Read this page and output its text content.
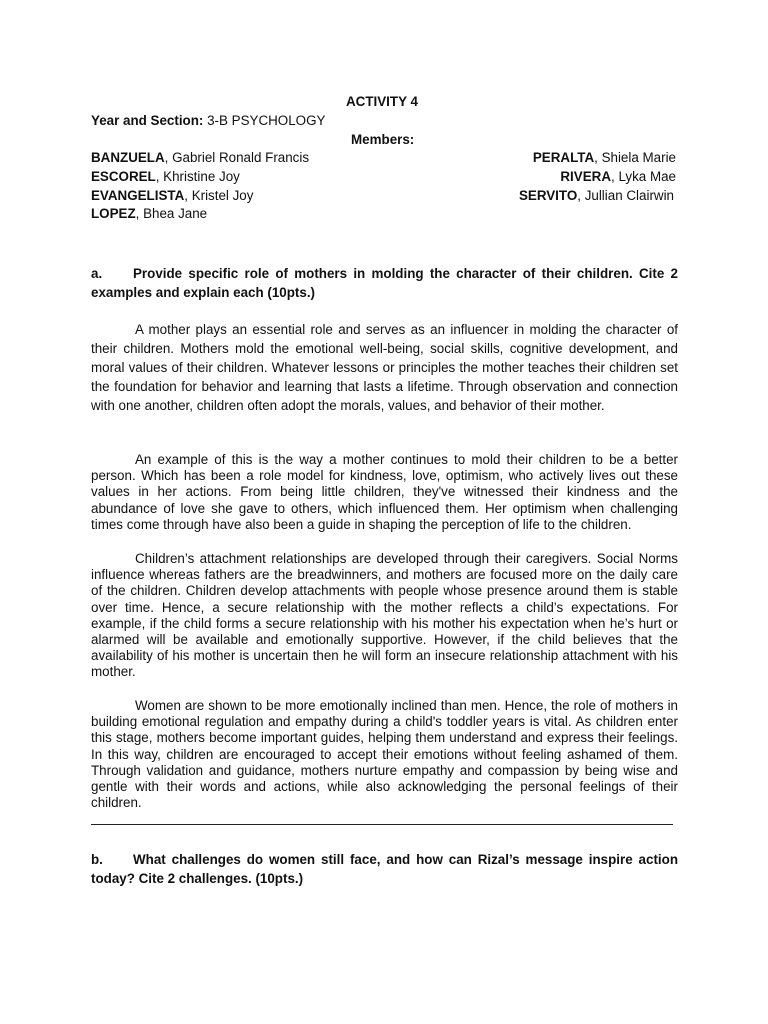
ACTIVITY 4
Year and Section: 3-B PSYCHOLOGY
Members:
BANZUELA, Gabriel Ronald Francis
ESCOREL, Khristine Joy
EVANGELISTA, Kristel Joy
LOPEZ, Bhea Jane
PERALTA, Shiela Marie
RIVERA, Lyka Mae
SERVITO, Jullian Clairwin

a. Provide specific role of mothers in molding the character of their children. Cite 2 examples and explain each (10pts.)

A mother plays an essential role and serves as an influencer in molding the character of their children. Mothers mold the emotional well-being, social skills, cognitive development, and moral values of their children. Whatever lessons or principles the mother teaches their children set the foundation for behavior and learning that lasts a lifetime. Through observation and connection with one another, children often adopt the morals, values, and behavior of their mother.

An example of this is the way a mother continues to mold their children to be a better person. Which has been a role model for kindness, love, optimism, who actively lives out these values in her actions. From being little children, they've witnessed their kindness and the abundance of love she gave to others, which influenced them. Her optimism when challenging times come through have also been a guide in shaping the perception of life to the children.

Children’s attachment relationships are developed through their caregivers. Social Norms influence whereas fathers are the breadwinners, and mothers are focused more on the daily care of the children. Children develop attachments with people whose presence around them is stable over time. Hence, a secure relationship with the mother reflects a child’s expectations. For example, if the child forms a secure relationship with his mother his expectation when he’s hurt or alarmed will be available and emotionally supportive. However, if the child believes that the availability of his mother is uncertain then he will form an insecure relationship attachment with his mother.

Women are shown to be more emotionally inclined than men. Hence, the role of mothers in building emotional regulation and empathy during a child's toddler years is vital. As children enter this stage, mothers become important guides, helping them understand and express their feelings. In this way, children are encouraged to accept their emotions without feeling ashamed of them. Through validation and guidance, mothers nurture empathy and compassion by being wise and gentle with their words and actions, while also acknowledging the personal feelings of their children.

b. What challenges do women still face, and how can Rizal’s message inspire action today? Cite 2 challenges. (10pts.)
